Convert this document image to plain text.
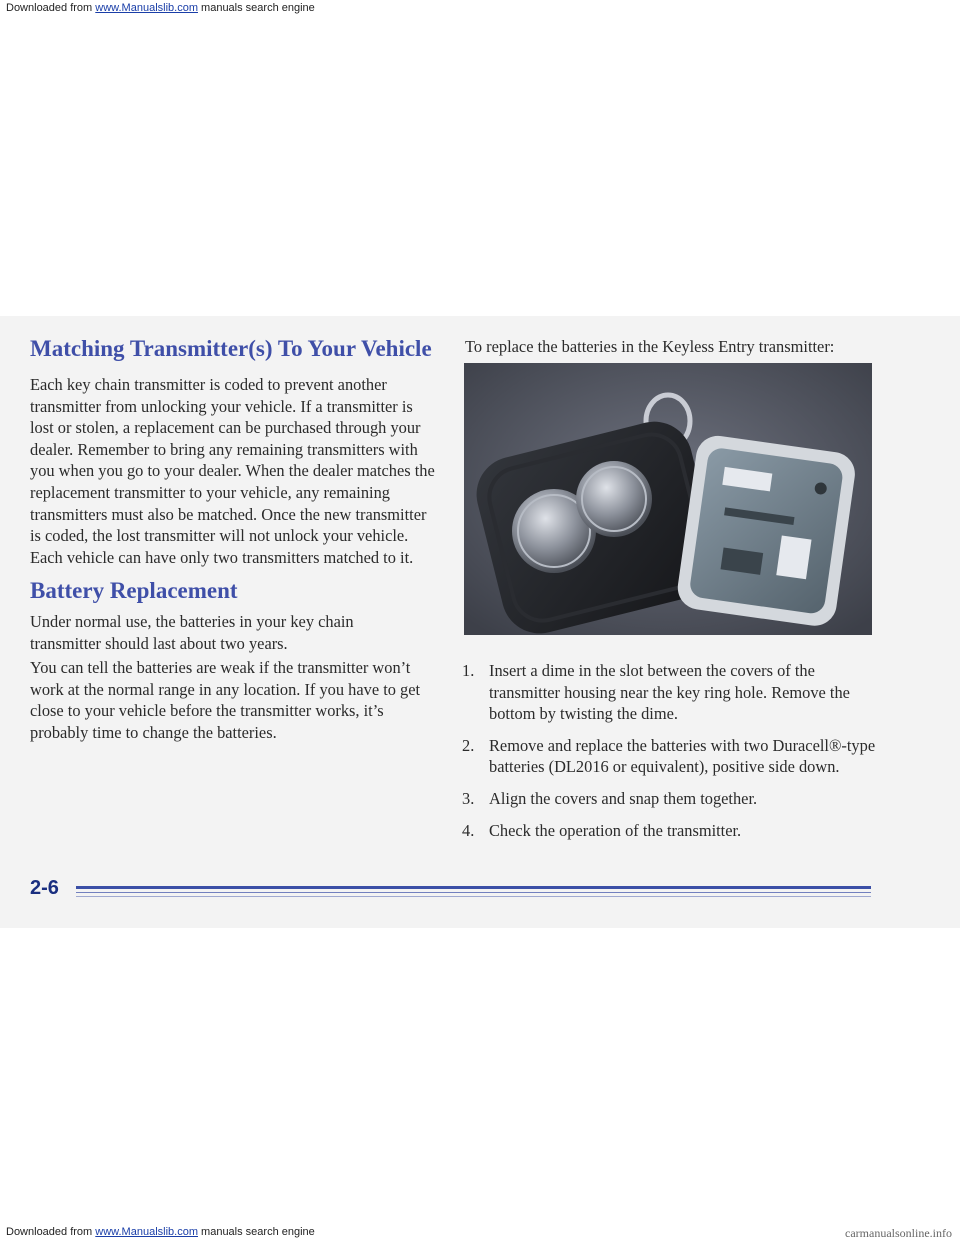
Downloaded from www.Manualslib.com manuals search engine
Matching Transmitter(s) To Your Vehicle

Each key chain transmitter is coded to prevent another transmitter from unlocking your vehicle. If a transmitter is lost or stolen, a replacement can be purchased through your dealer. Remember to bring any remaining transmitters with you when you go to your dealer. When the dealer matches the replacement transmitter to your vehicle, any remaining transmitters must also be matched. Once the new transmitter is coded, the lost transmitter will not unlock your vehicle. Each vehicle can have only two transmitters matched to it.

Battery Replacement

Under normal use, the batteries in your key chain transmitter should last about two years.

You can tell the batteries are weak if the transmitter won’t work at the normal range in any location. If you have to get close to your vehicle before the transmitter works, it’s probably time to change the batteries.

To replace the batteries in the Keyless Entry transmitter:

1. Insert a dime in the slot between the covers of the transmitter housing near the key ring hole. Remove the bottom by twisting the dime.
2. Remove and replace the batteries with two Duracell®-type batteries (DL2016 or equivalent), positive side down.
3. Align the covers and snap them together.
4. Check the operation of the transmitter.
2-6
Downloaded from www.Manualslib.com manuals search engine	carmanualsonline.info
